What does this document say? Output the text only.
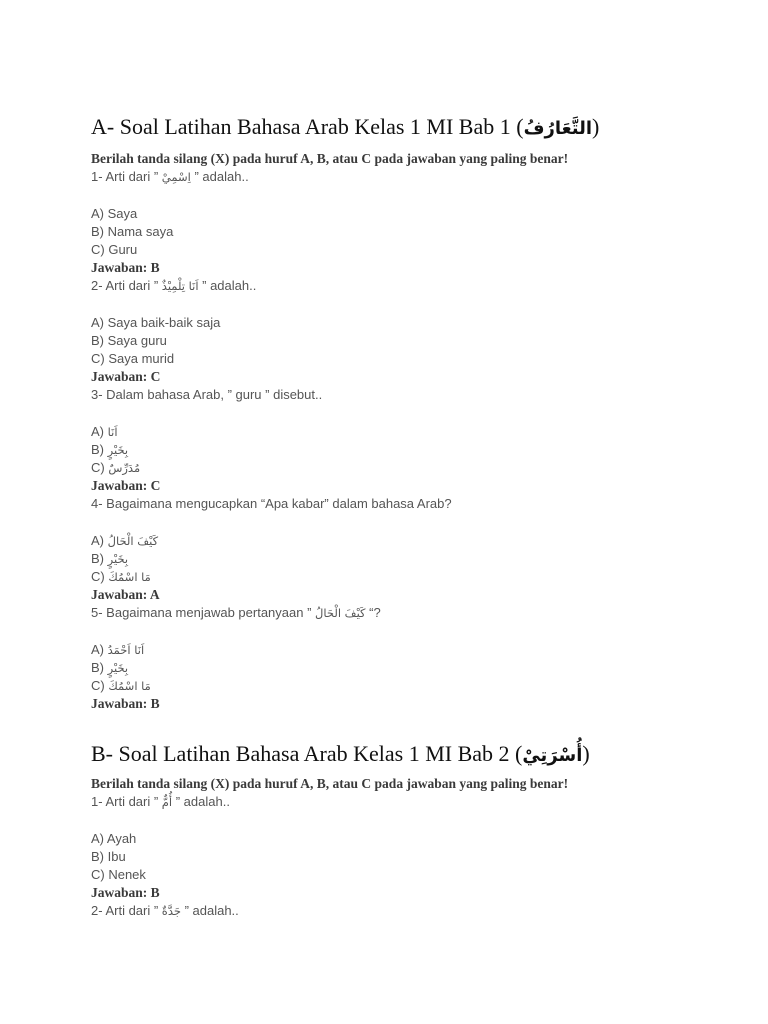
A- Soal Latihan Bahasa Arab Kelas 1 MI Bab 1 (التَّعَارُفُ)
Berilah tanda silang (X) pada huruf A, B, atau C pada jawaban yang paling benar!
1- Arti dari ” اِسْمِيْ ” adalah..
A) Saya
B) Nama saya
C) Guru
Jawaban: B
2- Arti dari ” اَنَا تِلْمِيْذٌ ” adalah..
A) Saya baik-baik saja
B) Saya guru
C) Saya murid
Jawaban: C
3- Dalam bahasa Arab, ” guru ” disebut..
A) اَنَا
B) بِخَيْرٍ
C) مُدَرِّسٌ
Jawaban: C
4- Bagaimana mengucapkan “Apa kabar” dalam bahasa Arab?
A) كَيْفَ الْحَالُ
B) بِخَيْرٍ
C) مَا اسْمُكَ
Jawaban: A
5- Bagaimana menjawab pertanyaan ” كَيْفَ الْحَالُ “?
A) اَنَا اَحْمَدُ
B) بِخَيْرٍ
C) مَا اسْمُكَ
Jawaban: B
B- Soal Latihan Bahasa Arab Kelas 1 MI Bab 2 (أُسْرَتِيْ)
Berilah tanda silang (X) pada huruf A, B, atau C pada jawaban yang paling benar!
1- Arti dari ” أُمٌّ ” adalah..
A) Ayah
B) Ibu
C) Nenek
Jawaban: B
2- Arti dari ” جَدَّةٌ ” adalah..
